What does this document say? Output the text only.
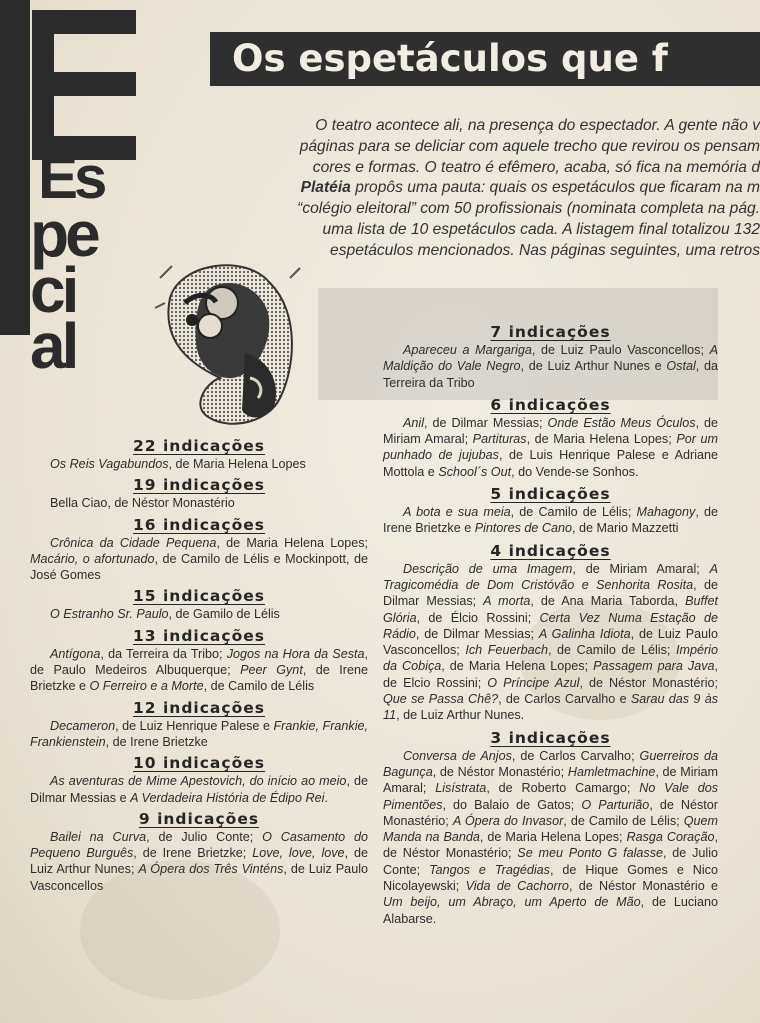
Es
pe
ci
al
Os espetáculos que f
O teatro acontece ali, na presença do espectador. A gente não v
páginas para se deliciar com aquele trecho que revirou os pensam
cores e formas. O teatro é efêmero, acaba, só fica na memória d
Platéia propôs uma pauta: quais os espetáculos que ficaram na m
“colégio eleitoral” com 50 profissionais (nominata completa na pág.
uma lista de 10 espetáculos cada. A listagem final totalizou 132
espetáculos mencionados. Nas páginas seguintes, uma retros
22 indicações

Os Reis Vagabundos, de Maria Helena Lopes

19 indicações

Bella Ciao, de Néstor Monastério

16 indicações

Crônica da Cidade Pequena, de Maria Helena Lopes; Macário, o afortunado, de Camilo de Lélis e Mockinpott, de José Gomes

15 indicações

O Estranho Sr. Paulo, de Gamilo de Lélis

13 indicações

Antígona, da Terreira da Tribo; Jogos na Hora da Sesta, de Paulo Medeiros Albuquerque; Peer Gynt, de Irene Brietzke e O Ferreiro e a Morte, de Camilo de Lélis

12 indicações

Decameron, de Luiz Henrique Palese e Frankie, Frankie, Frankienstein, de Irene Brietzke

10 indicações

As aventuras de Mime Apestovich, do início ao meio, de Dilmar Messias e A Verdadeira História de Édipo Rei.

9 indicações

Bailei na Curva, de Julio Conte; O Casamento do Pequeno Burguês, de Irene Brietzke; Love, love, love, de Luiz Arthur Nunes; A Ópera dos Três Vinténs, de Luiz Paulo Vasconcellos

7 indicações

Apareceu a Margariga, de Luiz Paulo Vasconcellos; A Maldição do Vale Negro, de Luiz Arthur Nunes e Ostal, da Terreira da Tribo

6 indicações

Anil, de Dilmar Messias; Onde Estão Meus Óculos, de Miriam Amaral; Partituras, de Maria Helena Lopes; Por um punhado de jujubas, de Luis Henrique Palese e Adriane Mottola e School´s Out, do Vende-se Sonhos.

5 indicações

A bota e sua meia, de Camilo de Lélis; Mahagony, de Irene Brietzke e Pintores de Cano, de Mario Mazzetti

4 indicações

Descrição de uma Imagem, de Miriam Amaral; A Tragicomédia de Dom Cristóvão e Senhorita Rosita, de Dilmar Messias; A morta, de Ana Maria Taborda, Buffet Glória, de Élcio Rossini; Certa Vez Numa Estação de Rádio, de Dilmar Messias; A Galinha Idiota, de Luiz Paulo Vasconcellos; Ich Feuerbach, de Camilo de Lélis; Império da Cobiça, de Maria Helena Lopes; Passagem para Java, de Elcio Rossini; O Príncipe Azul, de Néstor Monastério; Que se Passa Chê?, de Carlos Carvalho e Sarau das 9 às 11, de Luiz Arthur Nunes.

3 indicações

Conversa de Anjos, de Carlos Carvalho; Guerreiros da Bagunça, de Néstor Monastério; Hamletmachine, de Miriam Amaral; Lisístrata, de Roberto Camargo; No Vale dos Pimentões, do Balaio de Gatos; O Parturião, de Néstor Monastério; A Ópera do Invasor, de Camilo de Lélis; Quem Manda na Banda, de Maria Helena Lopes; Rasga Coração, de Néstor Monastério; Se meu Ponto G falasse, de Julio Conte; Tangos e Tragédias, de Hique Gomes e Nico Nicolayewski; Vida de Cachorro, de Néstor Monastério e Um beijo, um Abraço, um Aperto de Mão, de Luciano Alabarse.
